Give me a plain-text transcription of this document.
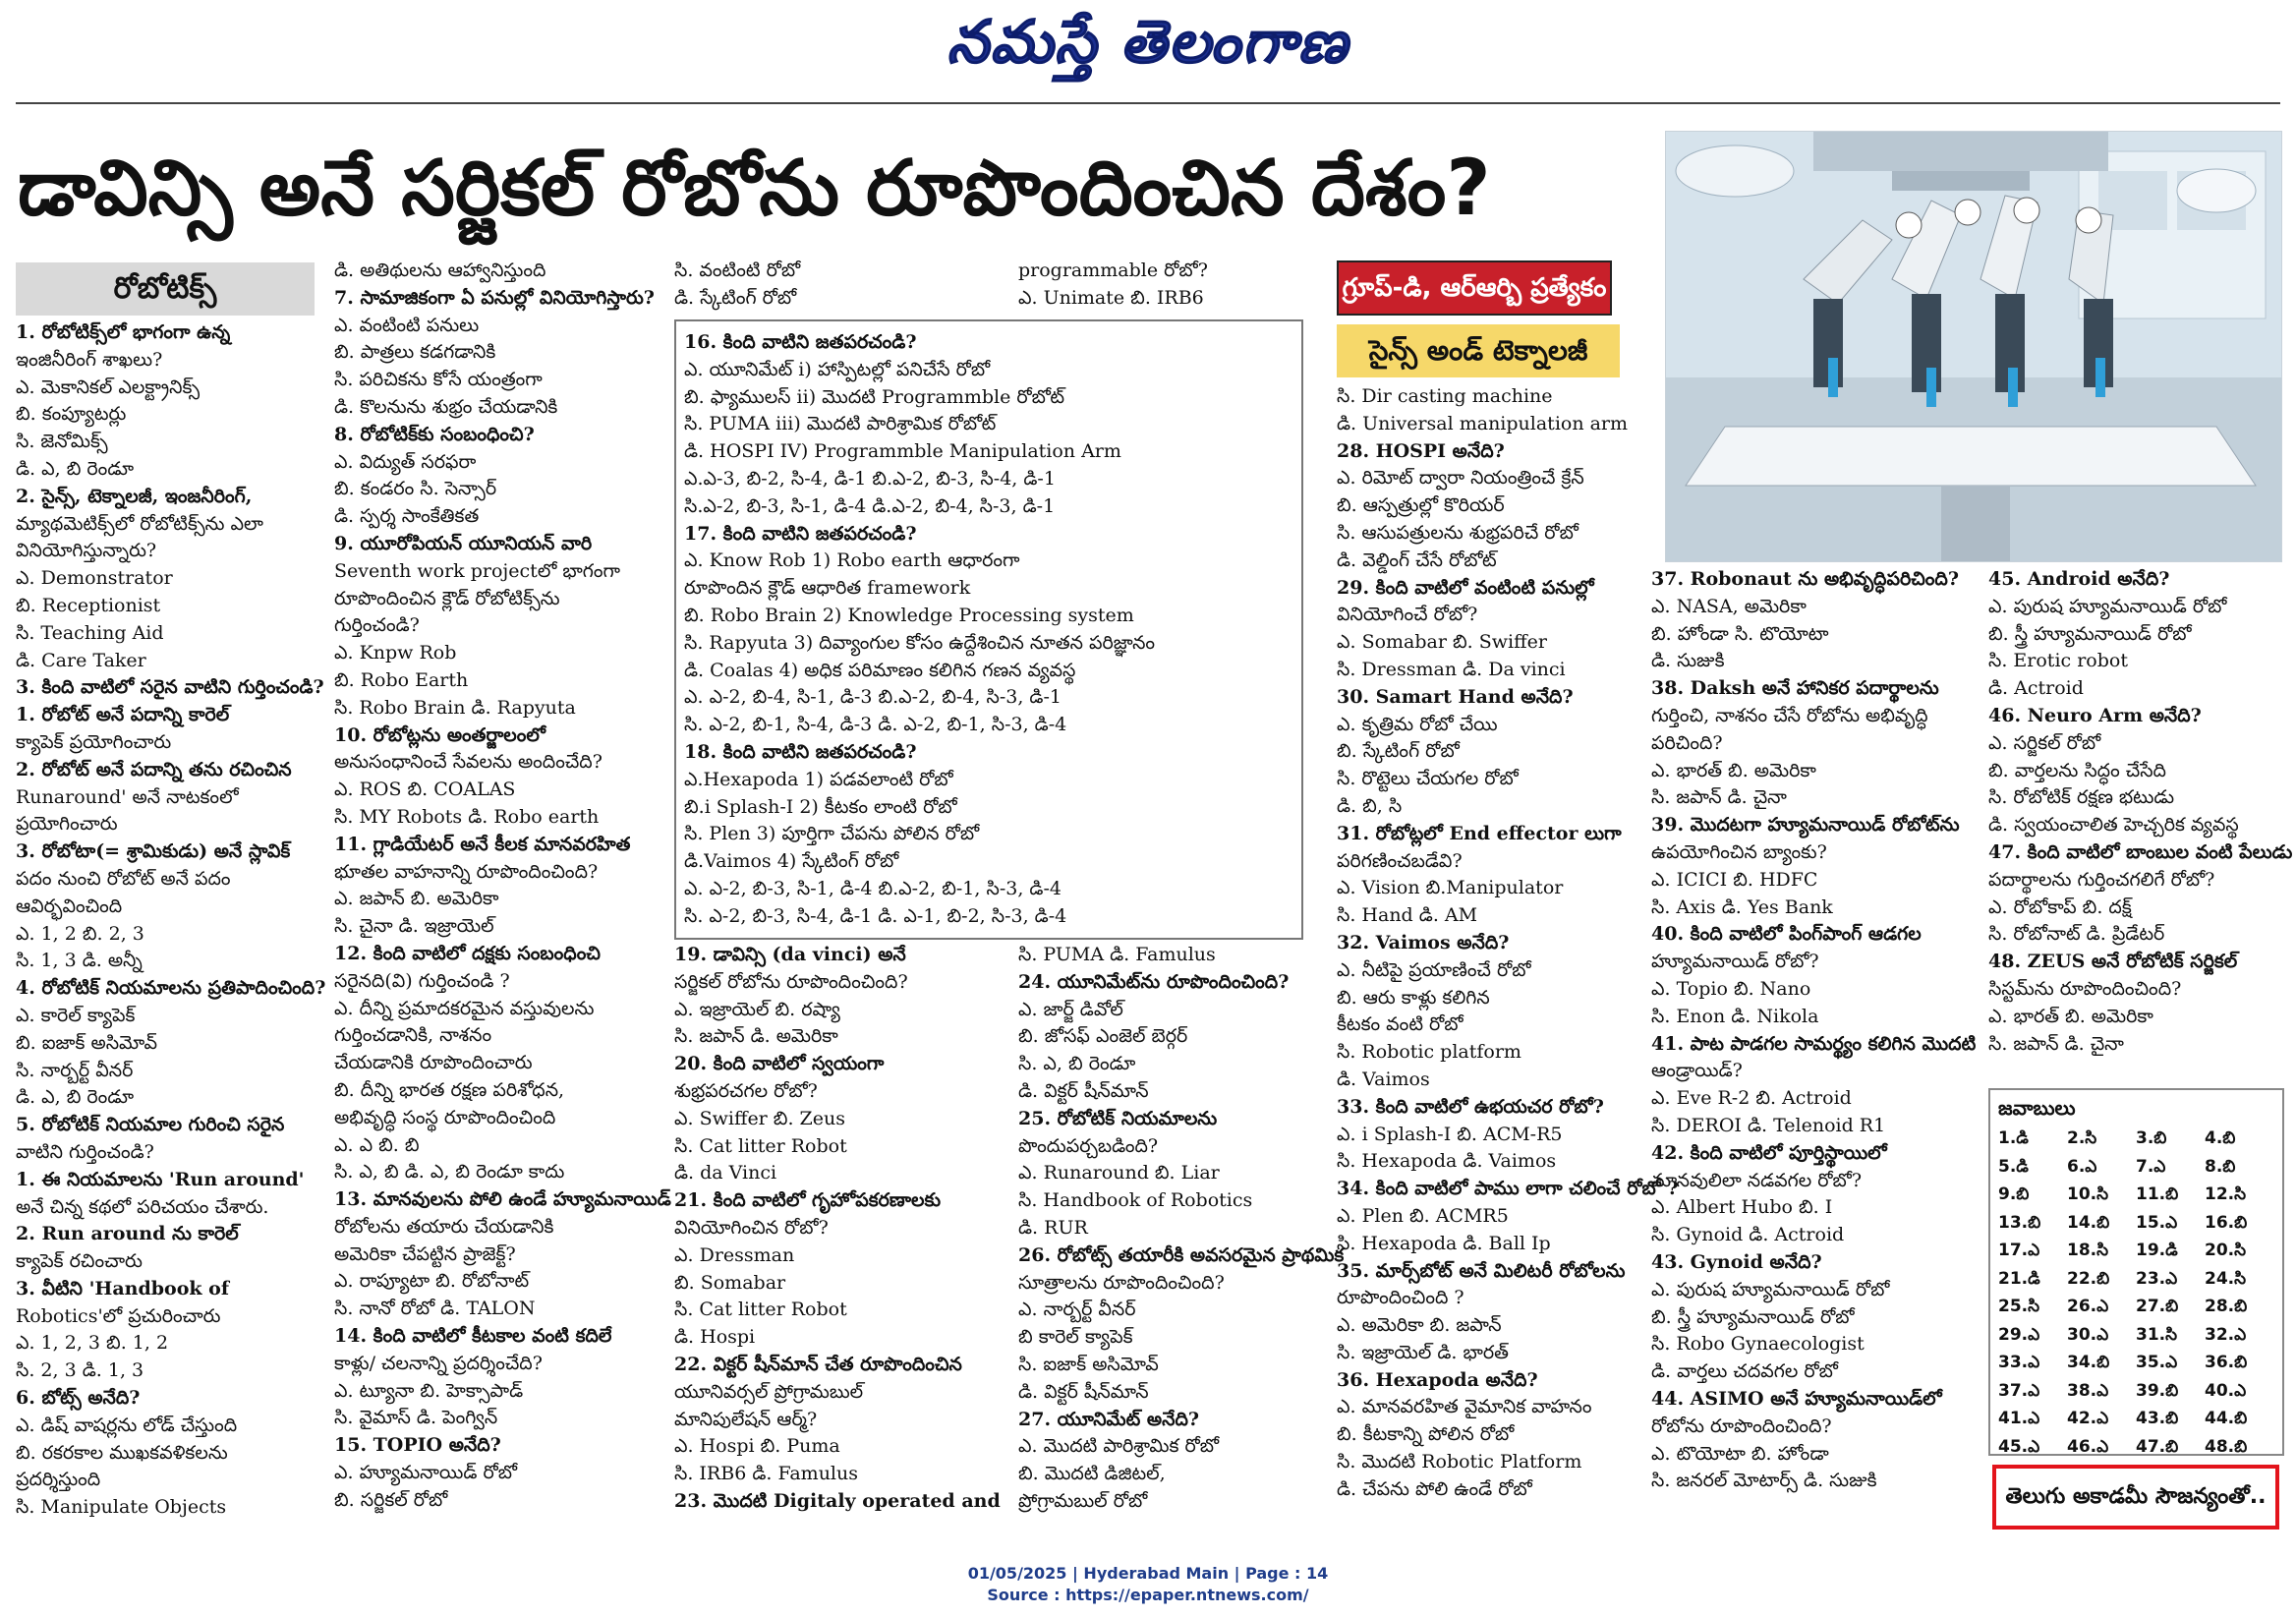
నమస్తే తెలంగాణ
డావిన్సి అనే సర్జికల్ రోబోను రూపొందించిన దేశం?
రోబోటిక్స్	గ్రూప్-డి, ఆర్ఆర్బి ప్రత్యేకం
సైన్స్ అండ్ టెక్నాలజీ
1. రోబోటిక్స్‌లో భాగంగా ఉన్న
ఇంజినీరింగ్ శాఖలు?
ఎ. మెకానికల్ ఎలక్ట్రానిక్స్
బి. కంప్యూటర్లు
సి. జెనోమిక్స్
డి. ఎ, బి రెండూ
2. సైన్స్, టెక్నాలజీ, ఇంజనీరింగ్,
మ్యాథమెటిక్స్‌లో రోబోటిక్స్‌ను ఎలా
వినియోగిస్తున్నారు?
ఎ. Demonstrator
బి. Receptionist
సి. Teaching Aid
డి. Care Taker
3. కింది వాటిలో సరైన వాటిని గుర్తించండి?
1. రోబోట్ అనే పదాన్ని కారెల్
క్యాపెక్ ప్రయోగించారు
2. రోబోట్ అనే పదాన్ని తను రచించిన
Runaround' అనే నాటకంలో
ప్రయోగించారు
3. రోబోటా(= శ్రామికుడు) అనే స్లావిక్
పదం నుంచి రోబోట్ అనే పదం
ఆవిర్భవించింది
ఎ. 1, 2 బి. 2, 3
సి. 1, 3 డి. అన్నీ
4. రోబోటిక్ నియమాలను ప్రతిపాదించింది?
ఎ. కారెల్ క్యాపెక్
బి. ఐజాక్ అసిమోవ్
సి. నార్బర్ట్ వీనర్
డి. ఎ, బి రెండూ
5. రోబోటిక్ నియమాల గురించి సరైన
వాటిని గుర్తించండి?
1. ఈ నియమాలను 'Run around'
అనే చిన్న కథలో పరిచయం చేశారు.
2. Run around ను కారెల్
క్యాపెక్ రచించారు
3. వీటిని 'Handbook of
Robotics'లో ప్రచురించారు
ఎ. 1, 2, 3 బి. 1, 2
సి. 2, 3 డి. 1, 3
6. బోట్స్ అనేది?
ఎ. డిష్ వాషర్లను లోడ్ చేస్తుంది
బి. రకరకాల ముఖకవళికలను
ప్రదర్శిస్తుంది
సి. Manipulate Objects
డి. అతిథులను ఆహ్వానిస్తుంది
7. సామాజికంగా ఏ పనుల్లో వినియోగిస్తారు?
ఎ. వంటింటి పనులు
బి. పాత్రలు కడగడానికి
సి. పరిచికను కోసే యంత్రంగా
డి. కొలనును శుభ్రం చేయడానికి
8. రోబోటిక్‌కు సంబంధించి?
ఎ. విద్యుత్ సరఫరా
బి. కండరం సి. సెన్సార్
డి. స్పర్శ సాంకేతికత
9. యూరోపియన్ యూనియన్ వారి
Seventh work projectలో భాగంగా
రూపొందించిన క్లౌడ్ రోబోటిక్స్‌ను
గుర్తించండి?
ఎ. Knpw Rob
బి. Robo Earth
సి. Robo Brain డి. Rapyuta
10. రోబోట్లను అంతర్జాలంలో
అనుసంధానించే సేవలను అందించేది?
ఎ. ROS బి. COALAS
సి. MY Robots డి. Robo earth
11. గ్లాడియేటర్ అనే కీలక మానవరహిత
భూతల వాహనాన్ని రూపొందించింది?
ఎ. జపాన్ బి. అమెరికా
సి. చైనా డి. ఇజ్రాయెల్
12. కింది వాటిలో దక్షకు సంబంధించి
సరైనది(వి) గుర్తించండి ?
ఎ. దీన్ని ప్రమాదకరమైన వస్తువులను
గుర్తించడానికి, నాశనం
చేయడానికి రూపొందించారు
బి. దీన్ని భారత రక్షణ పరిశోధన,
అభివృద్ధి సంస్థ రూపొందించింది
ఎ. ఎ బి. బి
సి. ఎ, బి డి. ఎ, బి రెండూ కాదు
13. మానవులను పోలి ఉండే హ్యూమనాయిడ్
రోబోలను తయారు చేయడానికి
అమెరికా చేపట్టిన ప్రాజెక్ట్?
ఎ. రాప్యూటా బి. రోబోనాట్
సి. నానో రోబో డి. TALON
14. కింది వాటిలో కీటకాల వంటి కదిలే
కాళ్లు/ చలనాన్ని ప్రదర్శించేది?
ఎ. ట్యూనా బి. హెక్సాపాడ్
సి. వైమాస్ డి. పెంగ్విన్
15. TOPIO అనేది?
ఎ. హ్యూమనాయిడ్ రోబో
బి. సర్జికల్ రోబో
19. డావిన్సి (da vinci) అనే
సర్జికల్ రోబోను రూపొందించింది?
ఎ. ఇజ్రాయెల్ బి. రష్యా
సి. జపాన్ డి. అమెరికా
20. కింది వాటిలో స్వయంగా
శుభ్రపరచగల రోబో?
ఎ. Swiffer బి. Zeus
సి. Cat litter Robot
డి. da Vinci
21. కింది వాటిలో గృహోపకరణాలకు
వినియోగించిన రోబో?
ఎ. Dressman
బి. Somabar
సి. Cat litter Robot
డి. Hospi
22. విక్టర్ షీన్‌మాన్ చేత రూపొందించిన
యూనివర్సల్ ప్రోగ్రామబుల్
మానిపులేషన్ ఆర్మ్?
ఎ. Hospi బి. Puma
సి. IRB6 డి. Famulus
23. మొదటి Digitaly operated and
సి. PUMA డి. Famulus
24. యూనిమేట్‌ను రూపొందించింది?
ఎ. జార్జ్ డివోల్
బి. జోసఫ్ ఎంజెల్ బెర్గర్
సి. ఎ, బి రెండూ
డి. విక్టర్ షీన్‌మాన్
25. రోబోటిక్ నియమాలను
పొందుపర్చబడింది?
ఎ. Runaround బి. Liar
సి. Handbook of Robotics
డి. RUR
26. రోబోట్స్ తయారీకి అవసరమైన ప్రాథమిక
సూత్రాలను రూపొందించింది?
ఎ. నార్బర్ట్ వీనర్
బి కారెల్ క్యాపెక్
సి. ఐజాక్ అసిమోవ్
డి. విక్టర్ షీన్‌మాన్
27. యూనిమేట్ అనేది?
ఎ. మొదటి పారిశ్రామిక రోబో
బి. మొదటి డిజిటల్,
ప్రోగ్రామబుల్ రోబో
సి. Dir casting machine
డి. Universal manipulation arm
28. HOSPI అనేది?
ఎ. రిమోట్ ద్వారా నియంత్రించే క్రేన్
బి. ఆస్పత్రుల్లో కొరియర్
సి. ఆసుపత్రులను శుభ్రపరిచే రోబో
డి. వెల్డింగ్ చేసే రోబోట్
29. కింది వాటిలో వంటింటి పనుల్లో
వినియోగించే రోబో?
ఎ. Somabar బి. Swiffer
సి. Dressman డి. Da vinci
30. Samart Hand అనేది?
ఎ. కృత్రిమ రోబో చేయి
బి. స్కేటింగ్ రోబో
సి. రొట్టెలు చేయగల రోబో
డి. బి, సి
31. రోబోట్లలో End effector లుగా
పరిగణించబడేవి?
ఎ. Vision బి.Manipulator
సి. Hand డి. AM
32. Vaimos అనేది?
ఎ. నీటిపై ప్రయాణించే రోబో
బి. ఆరు కాళ్లు కలిగిన
కీటకం వంటి రోబో
సి. Robotic platform
డి. Vaimos
33. కింది వాటిలో ఉభయచర రోబో?
ఎ. i Splash-I బి. ACM-R5
సి. Hexapoda డి. Vaimos
34. కింది వాటిలో పాము లాగా చలించే రోబో ?
ఎ. Plen బి. ACMR5
సి. Hexapoda డి. Ball Ip
35. మార్స్‌బోట్ అనే మిలిటరీ రోబోలను
రూపొందించింది ?
ఎ. అమెరికా బి. జపాన్
సి. ఇజ్రాయెల్ డి. భారత్
36. Hexapoda అనేది?
ఎ. మానవరహిత వైమానిక వాహనం
బి. కీటకాన్ని పోలిన రోబో
సి. మొదటి Robotic Platform
డి. చేపను పోలి ఉండే రోబో
37. Robonaut ను అభివృద్ధిపరిచింది?
ఎ. NASA, అమెరికా
బి. హోండా సి. టొయోటా
డి. సుజుకి
38. Daksh అనే హానికర పదార్థాలను
గుర్తించి, నాశనం చేసే రోబోను అభివృద్ధి
పరిచింది?
ఎ. భారత్ బి. అమెరికా
సి. జపాన్ డి. చైనా
39. మొదటగా హ్యూమనాయిడ్ రోబోట్‌ను
ఉపయోగించిన బ్యాంకు?
ఎ. ICICI బి. HDFC
సి. Axis డి. Yes Bank
40. కింది వాటిలో పింగ్‌పాంగ్ ఆడగల
హ్యూమనాయిడ్ రోబో?
ఎ. Topio బి. Nano
సి. Enon డి. Nikola
41. పాట పాడగల సామర్థ్యం కలిగిన మొదటి
ఆండ్రాయిడ్?
ఎ. Eve R-2 బి. Actroid
సి. DEROI డి. Telenoid R1
42. కింది వాటిలో పూర్తిస్థాయిలో
మానవులిలా నడవగల రోబో?
ఎ. Albert Hubo బి. I
సి. Gynoid డి. Actroid
43. Gynoid అనేది?
ఎ. పురుష హ్యూమనాయిడ్ రోబో
బి. స్త్రీ హ్యూమనాయిడ్ రోబో
సి. Robo Gynaecologist
డి. వార్తలు చదవగల రోబో
44. ASIMO అనే హ్యూమనాయిడ్‌లో
రోబోను రూపొందించింది?
ఎ. టొయోటా బి. హోండా
సి. జనరల్ మోటార్స్ డి. సుజుకి
45. Android అనేది?
ఎ. పురుష హ్యూమనాయిడ్ రోబో
బి. స్త్రీ హ్యూమనాయిడ్ రోబో
సి. Erotic robot
డి. Actroid
46. Neuro Arm అనేది?
ఎ. సర్జికల్ రోబో
బి. వార్తలను సిద్ధం చేసేది
సి. రోబోటిక్ రక్షణ భటుడు
డి. స్వయంచాలిత హెచ్చరిక వ్యవస్థ
47. కింది వాటిలో బాంబుల వంటి పేలుడు
పదార్థాలను గుర్తించగలిగే రోబో?
ఎ. రోబోకాప్ బి. దక్ష్
సి. రోబోనాట్ డి. ప్రిడేటర్
48. ZEUS అనే రోబోటిక్ సర్జికల్
సిస్టమ్‌ను రూపొందించింది?
ఎ. భారత్ బి. అమెరికా
సి. జపాన్ డి. చైనా
16. కింది వాటిని జతపరచండి?
ఎ. యూనిమేట్ i) హాస్పిటల్లో పనిచేసే రోబో
బి. ఫ్యాములస్ ii) మొదటి Programmble రోబోట్
సి. PUMA iii) మొదటి పారిశ్రామిక రోబోట్
డి. HOSPI IV) Programmble Manipulation Arm
ఎ.ఎ-3, బి-2, సి-4, డి-1 బి.ఎ-2, బి-3, సి-4, డి-1
సి.ఎ-2, బి-3, సి-1, డి-4 డి.ఎ-2, బి-4, సి-3, డి-1
17. కింది వాటిని జతపరచండి?
ఎ. Know Rob 1) Robo earth ఆధారంగా
రూపొందిన క్లౌడ్ ఆధారిత framework
బి. Robo Brain 2) Knowledge Processing system
సి. Rapyuta 3) దివ్యాంగుల కోసం ఉద్దేశించిన నూతన పరిజ్ఞానం
డి. Coalas 4) అధిక పరిమాణం కలిగిన గణన వ్యవస్థ
ఎ. ఎ-2, బి-4, సి-1, డి-3 బి.ఎ-2, బి-4, సి-3, డి-1
సి. ఎ-2, బి-1, సి-4, డి-3 డి. ఎ-2, బి-1, సి-3, డి-4
18. కింది వాటిని జతపరచండి?
ఎ.Hexapoda 1) పడవలాంటి రోబో
బి.i Splash-I 2) కీటకం లాంటి రోబో
సి. Plen 3) పూర్తిగా చేపను పోలిన రోబో
డి.Vaimos 4) స్కేటింగ్ రోబో
ఎ. ఎ-2, బి-3, సి-1, డి-4 బి.ఎ-2, బి-1, సి-3, డి-4
సి. ఎ-2, బి-3, సి-4, డి-1 డి. ఎ-1, బి-2, సి-3, డి-4
సి. వంటింటి రోబో
డి. స్కేటింగ్ రోబో
programmable రోబో?
ఎ. Unimate బి. IRB6
జవాబులు
1.డి	2.సి	3.బి	4.బి
5.డి	6.ఎ	7.ఎ	8.బి
9.బి	10.సి	11.బి	12.సి
13.బి	14.బి	15.ఎ	16.బి
17.ఎ	18.సి	19.డి	20.సి
21.డి	22.బి	23.ఎ	24.సి
25.సి	26.ఎ	27.బి	28.బి
29.ఎ	30.ఎ	31.సి	32.ఎ
33.ఎ	34.బి	35.ఎ	36.బి
37.ఎ	38.ఎ	39.బి	40.ఎ
41.ఎ	42.ఎ	43.బి	44.బి
45.ఎ	46.ఎ	47.బి	48.బి
తెలుగు అకాడమీ సౌజన్యంతో..
01/05/2025 | Hyderabad Main | Page : 14
Source : https://epaper.ntnews.com/
